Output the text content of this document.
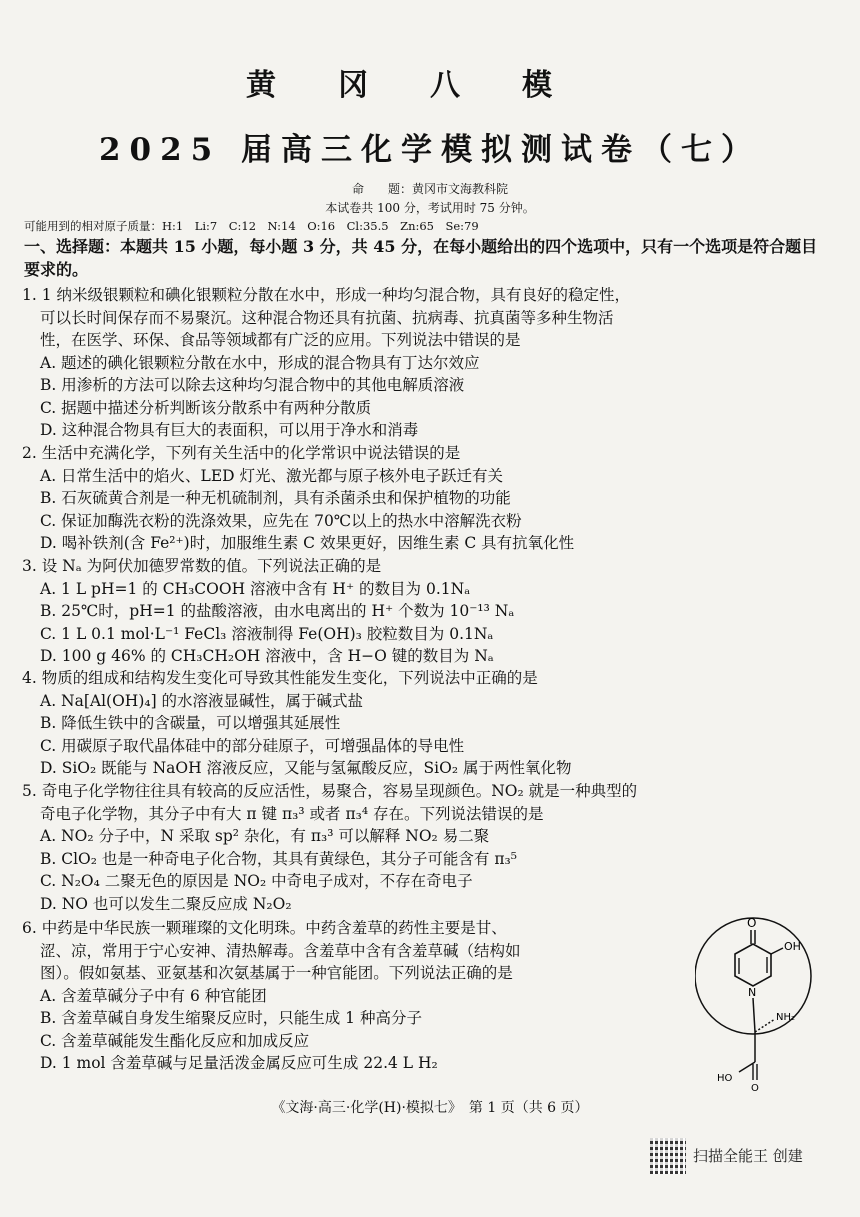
黄冈八模
2025 届高三化学模拟测试卷（七）
命　　题：黄冈市文海教科院
本试卷共 100 分，考试用时 75 分钟。
可能用到的相对原子质量：H:1　Li:7　C:12　N:14　O:16　Cl:35.5　Zn:65　Se:79
一、选择题：本题共 15 小题，每小题 3 分，共 45 分，在每小题给出的四个选项中，只有一个选项是符合题目要求的。
1. 1 纳米级银颗粒和碘化银颗粒分散在水中，形成一种均匀混合物，具有良好的稳定性，
可以长时间保存而不易聚沉。这种混合物还具有抗菌、抗病毒、抗真菌等多种生物活
性，在医学、环保、食品等领域都有广泛的应用。下列说法中错误的是
A. 题述的碘化银颗粒分散在水中，形成的混合物具有丁达尔效应
B. 用渗析的方法可以除去这种均匀混合物中的其他电解质溶液
C. 据题中描述分析判断该分散系中有两种分散质
D. 这种混合物具有巨大的表面积，可以用于净水和消毒
2. 生活中充满化学，下列有关生活中的化学常识中说法错误的是
A. 日常生活中的焰火、LED 灯光、激光都与原子核外电子跃迁有关
B. 石灰硫黄合剂是一种无机硫制剂，具有杀菌杀虫和保护植物的功能
C. 保证加酶洗衣粉的洗涤效果，应先在 70℃以上的热水中溶解洗衣粉
D. 喝补铁剂(含 Fe²⁺)时，加服维生素 C 效果更好，因维生素 C 具有抗氧化性
3. 设 Nₐ 为阿伏加德罗常数的值。下列说法正确的是
A. 1 L pH=1 的 CH₃COOH 溶液中含有 H⁺ 的数目为 0.1Nₐ
B. 25℃时，pH=1 的盐酸溶液，由水电离出的 H⁺ 个数为 10⁻¹³ Nₐ
C. 1 L 0.1 mol·L⁻¹ FeCl₃ 溶液制得 Fe(OH)₃ 胶粒数目为 0.1Nₐ
D. 100 g 46% 的 CH₃CH₂OH 溶液中，含 H−O 键的数目为 Nₐ
4. 物质的组成和结构发生变化可导致其性能发生变化，下列说法中正确的是
A. Na[Al(OH)₄] 的水溶液显碱性，属于碱式盐
B. 降低生铁中的含碳量，可以增强其延展性
C. 用碳原子取代晶体硅中的部分硅原子，可增强晶体的导电性
D. SiO₂ 既能与 NaOH 溶液反应，又能与氢氟酸反应，SiO₂ 属于两性氧化物
5. 奇电子化学物往往具有较高的反应活性，易聚合，容易呈现颜色。NO₂ 就是一种典型的
奇电子化学物，其分子中有大 π 键 π₃³ 或者 π₃⁴ 存在。下列说法错误的是
A. NO₂ 分子中，N 采取 sp² 杂化，有 π₃³ 可以解释 NO₂ 易二聚
B. ClO₂ 也是一种奇电子化合物，其具有黄绿色，其分子可能含有 π₃⁵
C. N₂O₄ 二聚无色的原因是 NO₂ 中奇电子成对，不存在奇电子
D. NO 也可以发生二聚反应成 N₂O₂
6. 中药是中华民族一颗璀璨的文化明珠。中药含羞草的药性主要是甘、
涩、凉，常用于宁心安神、清热解毒。含羞草中含有含羞草碱（结构如
图）。假如氨基、亚氨基和次氨基属于一种官能团。下列说法正确的是
A. 含羞草碱分子中有 6 种官能团
B. 含羞草碱自身发生缩聚反应时，只能生成 1 种高分子
C. 含羞草碱能发生酯化反应和加成反应
D. 1 mol 含羞草碱与足量活泼金属反应可生成 22.4 L H₂
O
OH
N
NH₂
HO
O
《文海·高三·化学(H)·模拟七》　第 1 页（共 6 页）
扫描全能王 创建
